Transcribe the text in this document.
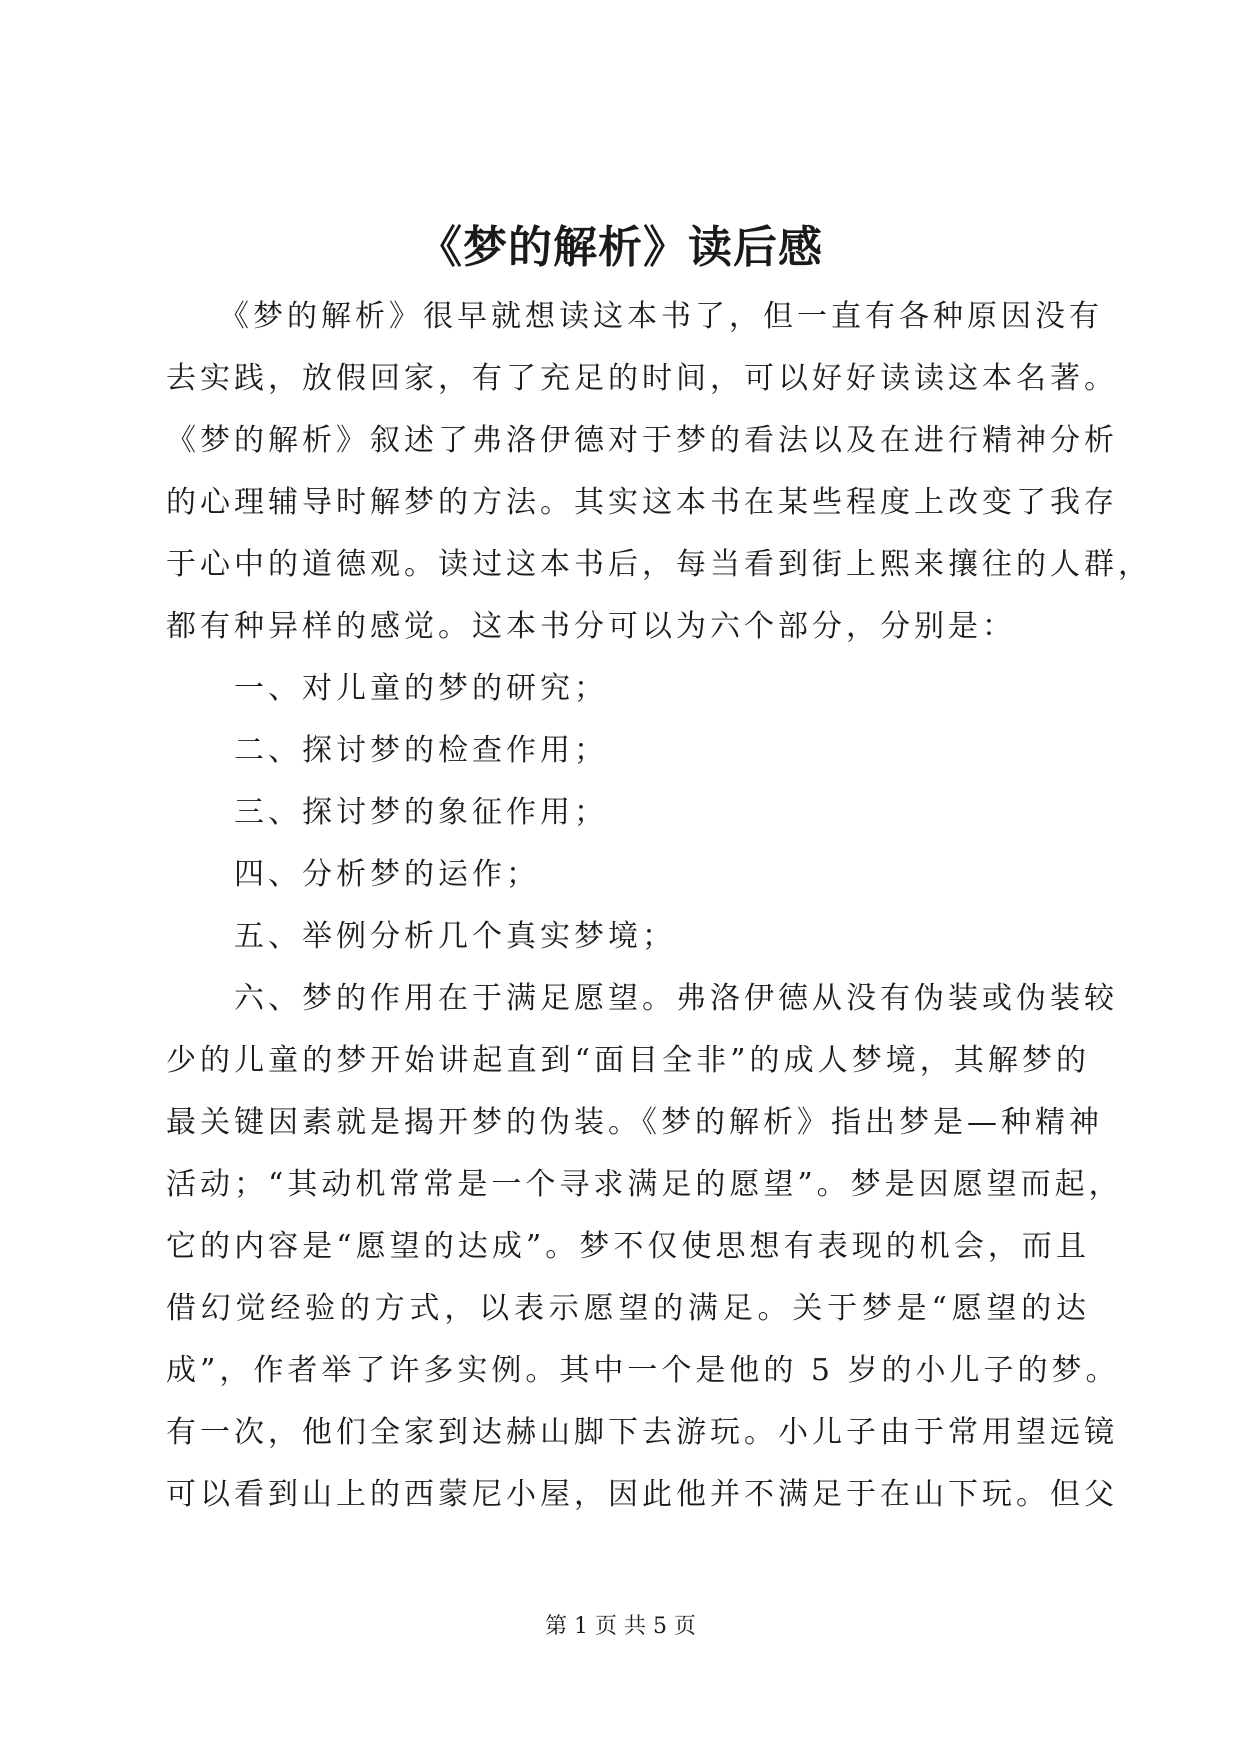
《梦的解析》读后感
　　《梦的解析》很早就想读这本书了，但一直有各种原因没有
去实践，放假回家，有了充足的时间，可以好好读读这本名著。
《梦的解析》叙述了弗洛伊德对于梦的看法以及在进行精神分析
的心理辅导时解梦的方法。其实这本书在某些程度上改变了我存
于心中的道德观。读过这本书后，每当看到街上熙来攘往的人群，
都有种异样的感觉。这本书分可以为六个部分，分别是：
　　一、对儿童的梦的研究；
　　二、探讨梦的检查作用；
　　三、探讨梦的象征作用；
　　四、分析梦的运作；
　　五、举例分析几个真实梦境；
　　六、梦的作用在于满足愿望。弗洛伊德从没有伪装或伪装较
少的儿童的梦开始讲起直到“面目全非”的成人梦境，其解梦的
最关键因素就是揭开梦的伪装。《梦的解析》指出梦是—种精神
活动；“其动机常常是一个寻求满足的愿望”。梦是因愿望而起，
它的内容是“愿望的达成”。梦不仅使思想有表现的机会，而且
借幻觉经验的方式，以表示愿望的满足。关于梦是“愿望的达
成”，作者举了许多实例。其中一个是他的 5 岁的小儿子的梦。
有一次，他们全家到达赫山脚下去游玩。小儿子由于常用望远镜
可以看到山上的西蒙尼小屋，因此他并不满足于在山下玩。但父
第 1 页 共 5 页
